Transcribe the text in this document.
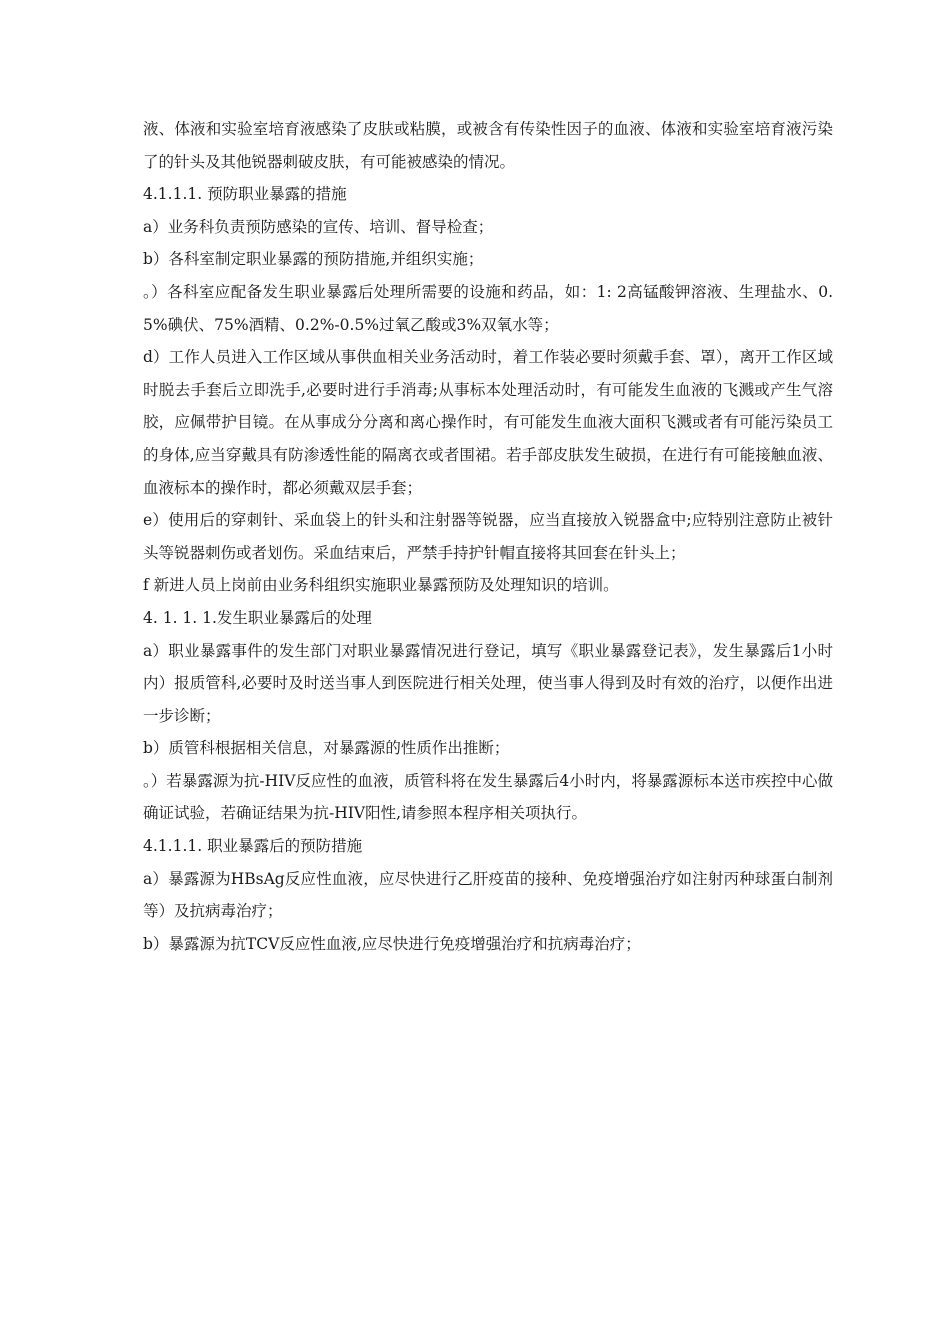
液、体液和实验室培育液感染了皮肤或粘膜，或被含有传染性因子的血液、体液和实验室培育液污染了的针头及其他锐器刺破皮肤，有可能被感染的情况。

4.1.1.1. 预防职业暴露的措施

a）业务科负责预防感染的宣传、培训、督导检查；

b）各科室制定职业暴露的预防措施,并组织实施；

。）各科室应配备发生职业暴露后处理所需要的设施和药品，如：1: 2高锰酸钾溶液、生理盐水、0.5%碘伏、75%酒精、0.2%-0.5%过氧乙酸或3%双氧水等；

d）工作人员进入工作区域从事供血相关业务活动时，着工作装必要时须戴手套、罩），离开工作区域时脱去手套后立即洗手,必要时进行手消毒;从事标本处理活动时，有可能发生血液的飞溅或产生气溶胶，应佩带护目镜。在从事成分分离和离心操作时，有可能发生血液大面积飞溅或者有可能污染员工的身体,应当穿戴具有防渗透性能的隔离衣或者围裙。若手部皮肤发生破损，在进行有可能接触血液、血液标本的操作时，都必须戴双层手套；

e）使用后的穿刺针、采血袋上的针头和注射器等锐器，应当直接放入锐器盒中;应特别注意防止被针头等锐器刺伤或者划伤。采血结束后，严禁手持护针帽直接将其回套在针头上；

f 新进人员上岗前由业务科组织实施职业暴露预防及处理知识的培训。

4. 1. 1. 1.发生职业暴露后的处理

a）职业暴露事件的发生部门对职业暴露情况进行登记，填写《职业暴露登记表》，发生暴露后1小时内）报质管科,必要时及时送当事人到医院进行相关处理，使当事人得到及时有效的治疗，以便作出进一步诊断；

b）质管科根据相关信息，对暴露源的性质作出推断；

。）若暴露源为抗-HIV反应性的血液，质管科将在发生暴露后4小时内，将暴露源标本送市疾控中心做确证试验，若确证结果为抗-HIV阳性,请参照本程序相关项执行。

4.1.1.1. 职业暴露后的预防措施

a）暴露源为HBsAg反应性血液，应尽快进行乙肝疫苗的接种、免疫增强治疗如注射丙种球蛋白制剂等）及抗病毒治疗；

b）暴露源为抗TCV反应性血液,应尽快进行免疫增强治疗和抗病毒治疗；
